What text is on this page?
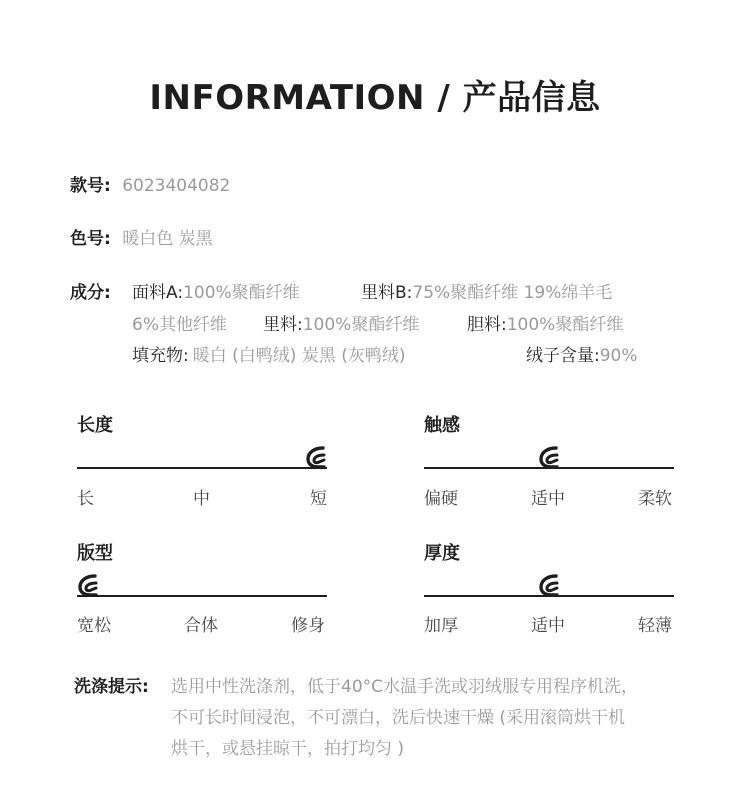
INFORMATION / 产品信息
款号: 6023404082
色号: 暖白色 炭黑
成分: 面料A:100%聚酯纤维	里料B:75%聚酯纤维 19%绵羊毛
6%其他纤维 里料:100%聚酯纤维	胆料:100%聚酯纤维
填充物: 暖白 (白鸭绒) 炭黑 (灰鸭绒)	绒子含量:90%
长度
长	中	短
触感
偏硬	适中	柔软
版型
宽松	合体	修身
厚度
加厚	适中	轻薄
洗涤提示: 选用中性洗涤剂，低于40°C水温手洗或羽绒服专用程序机洗，
不可长时间浸泡，不可漂白，洗后快速干燥 (采用滚筒烘干机
烘干，或悬挂晾干，拍打均匀 )
